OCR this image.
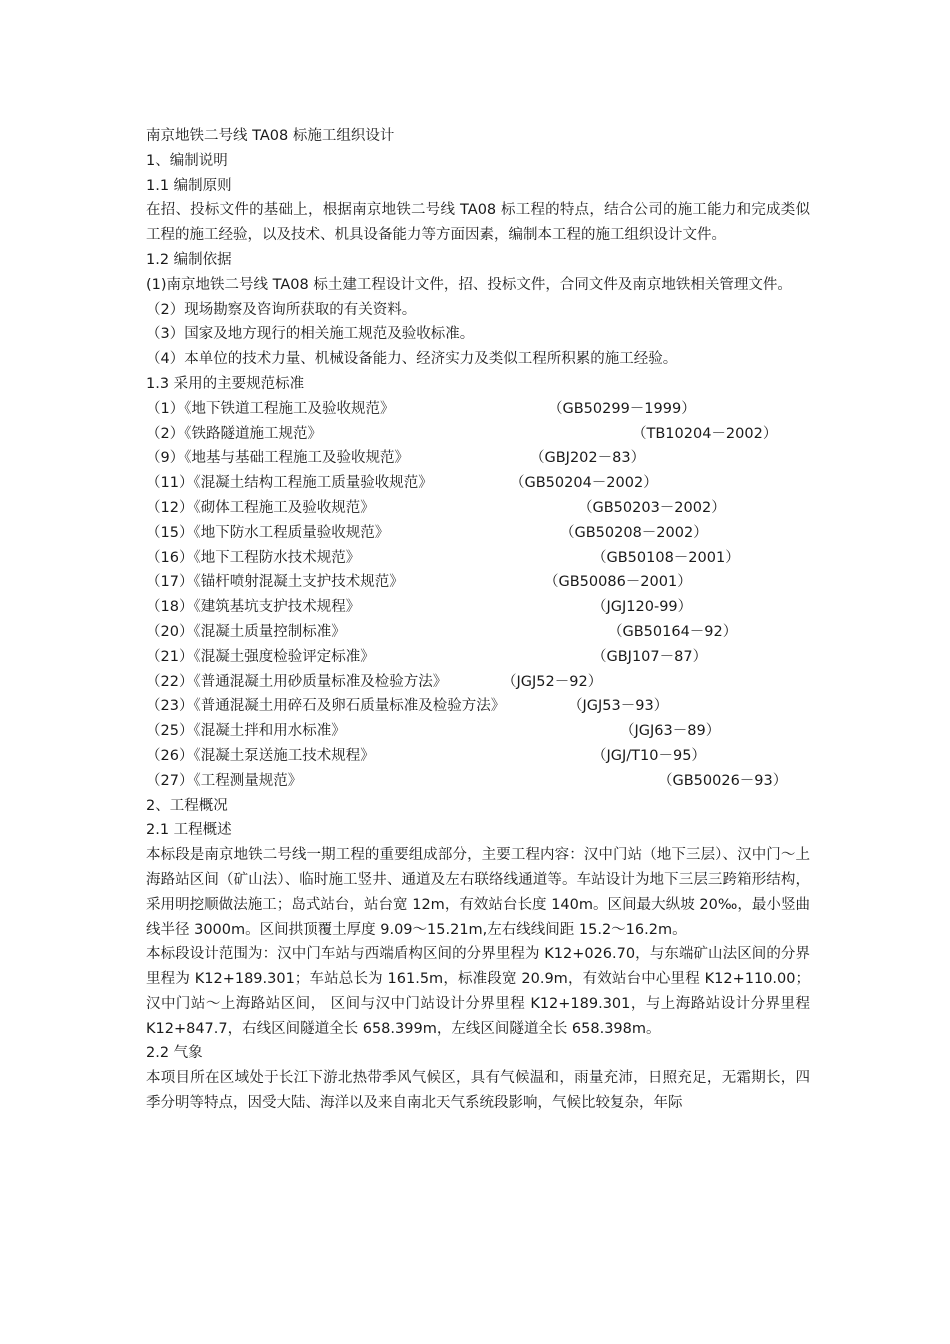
南京地铁二号线 TA08 标施工组织设计
1、编制说明
1.1 编制原则
在招、投标文件的基础上，根据南京地铁二号线 TA08 标工程的特点，结合公司的施工能力和完成类似工程的施工经验，以及技术、机具设备能力等方面因素，编制本工程的施工组织设计文件。
1.2 编制依据
(1)南京地铁二号线 TA08 标土建工程设计文件，招、投标文件，合同文件及南京地铁相关管理文件。
（2）现场勘察及咨询所获取的有关资料。
（3）国家及地方现行的相关施工规范及验收标准。
（4）本单位的技术力量、机械设备能力、经济实力及类似工程所积累的施工经验。
1.3 采用的主要规范标准
（1）《地下铁道工程施工及验收规范》	（GB50299－1999）
（2）《铁路隧道施工规范》	（TB10204－2002）
（9）《地基与基础工程施工及验收规范》	（GBJ202－83）
（11）《混凝土结构工程施工质量验收规范》	（GB50204－2002）
（12）《砌体工程施工及验收规范》	（GB50203－2002）
（15）《地下防水工程质量验收规范》	（GB50208－2002）
（16）《地下工程防水技术规范》	（GB50108－2001）
（17）《锚杆喷射混凝土支护技术规范》	（GB50086－2001）
（18）《建筑基坑支护技术规程》	（JGJ120-99）
（20）《混凝土质量控制标准》	（GB50164－92）
（21）《混凝土强度检验评定标准》	（GBJ107－87）
（22）《普通混凝土用砂质量标准及检验方法》	（JGJ52－92）
（23）《普通混凝土用碎石及卵石质量标准及检验方法》	（JGJ53－93）
（25）《混凝土拌和用水标准》	（JGJ63－89）
（26）《混凝土泵送施工技术规程》	（JGJ/T10－95）
（27）《工程测量规范》	（GB50026－93）
2、工程概况
2.1 工程概述
本标段是南京地铁二号线一期工程的重要组成部分，主要工程内容：汉中门站（地下三层）、汉中门～上海路站区间（矿山法）、临时施工竖井、通道及左右联络线通道等。车站设计为地下三层三跨箱形结构，采用明挖顺做法施工；岛式站台，站台宽 12m，有效站台长度 140m。区间最大纵坡 20‰，最小竖曲线半径 3000m。区间拱顶覆土厚度 9.09～15.21m,左右线线间距 15.2～16.2m。
本标段设计范围为：汉中门车站与西端盾构区间的分界里程为 K12+026.70，与东端矿山法区间的分界里程为 K12+189.301；车站总长为 161.5m，标准段宽 20.9m，有效站台中心里程 K12+110.00；汉中门站～上海路站区间， 区间与汉中门站设计分界里程 K12+189.301，与上海路站设计分界里程 K12+847.7，右线区间隧道全长 658.399m，左线区间隧道全长 658.398m。
2.2 气象
本项目所在区域处于长江下游北热带季风气候区，具有气候温和，雨量充沛，日照充足，无霜期长，四季分明等特点，因受大陆、海洋以及来自南北天气系统段影响，气候比较复杂，年际
